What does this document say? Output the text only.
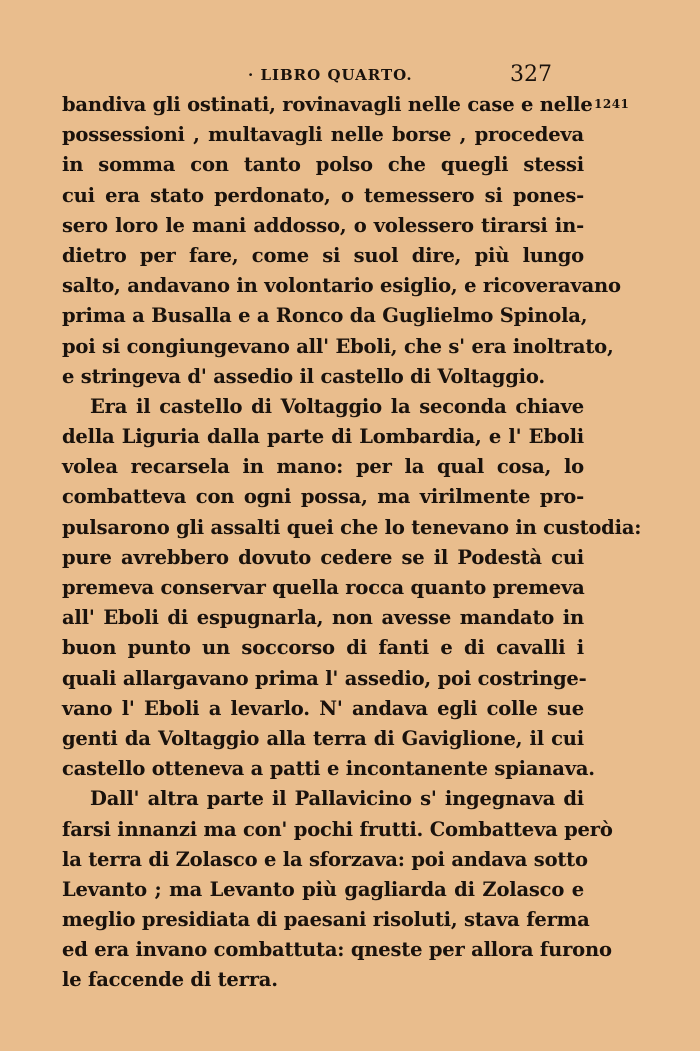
· LIBRO QUARTO.	327
1241
bandiva gli ostinati, rovinavagli nelle case e nelle
possessioni , multavagli nelle borse , procedeva
in somma con tanto polso che quegli stessi
cui era stato perdonato, o temessero si pones-
sero loro le mani addosso, o volessero tirarsi in-
dietro per fare, come si suol dire, più lungo
salto, andavano in volontario esiglio, e ricoveravano
prima a Busalla e a Ronco da Guglielmo Spinola,
poi si congiungevano all' Eboli, che s' era inoltrato,
e stringeva d' assedio il castello di Voltaggio.
Era il castello di Voltaggio la seconda chiave
della Liguria dalla parte di Lombardia, e l' Eboli
volea recarsela in mano: per la qual cosa, lo
combatteva con ogni possa, ma virilmente pro-
pulsarono gli assalti quei che lo tenevano in custodia:
pure avrebbero dovuto cedere se il Podestà cui
premeva conservar quella rocca quanto premeva
all' Eboli di espugnarla, non avesse mandato in
buon punto un soccorso di fanti e di cavalli i
quali allargavano prima l' assedio, poi costringe-
vano l' Eboli a levarlo. N' andava egli colle sue
genti da Voltaggio alla terra di Gaviglione, il cui
castello otteneva a patti e incontanente spianava.
Dall' altra parte il Pallavicino s' ingegnava di
farsi innanzi ma con' pochi frutti. Combatteva però
la terra di Zolasco e la sforzava: poi andava sotto
Levanto ; ma Levanto più gagliarda di Zolasco e
meglio presidiata di paesani risoluti, stava ferma
ed era invano combattuta: qneste per allora furono
le faccende di terra.
